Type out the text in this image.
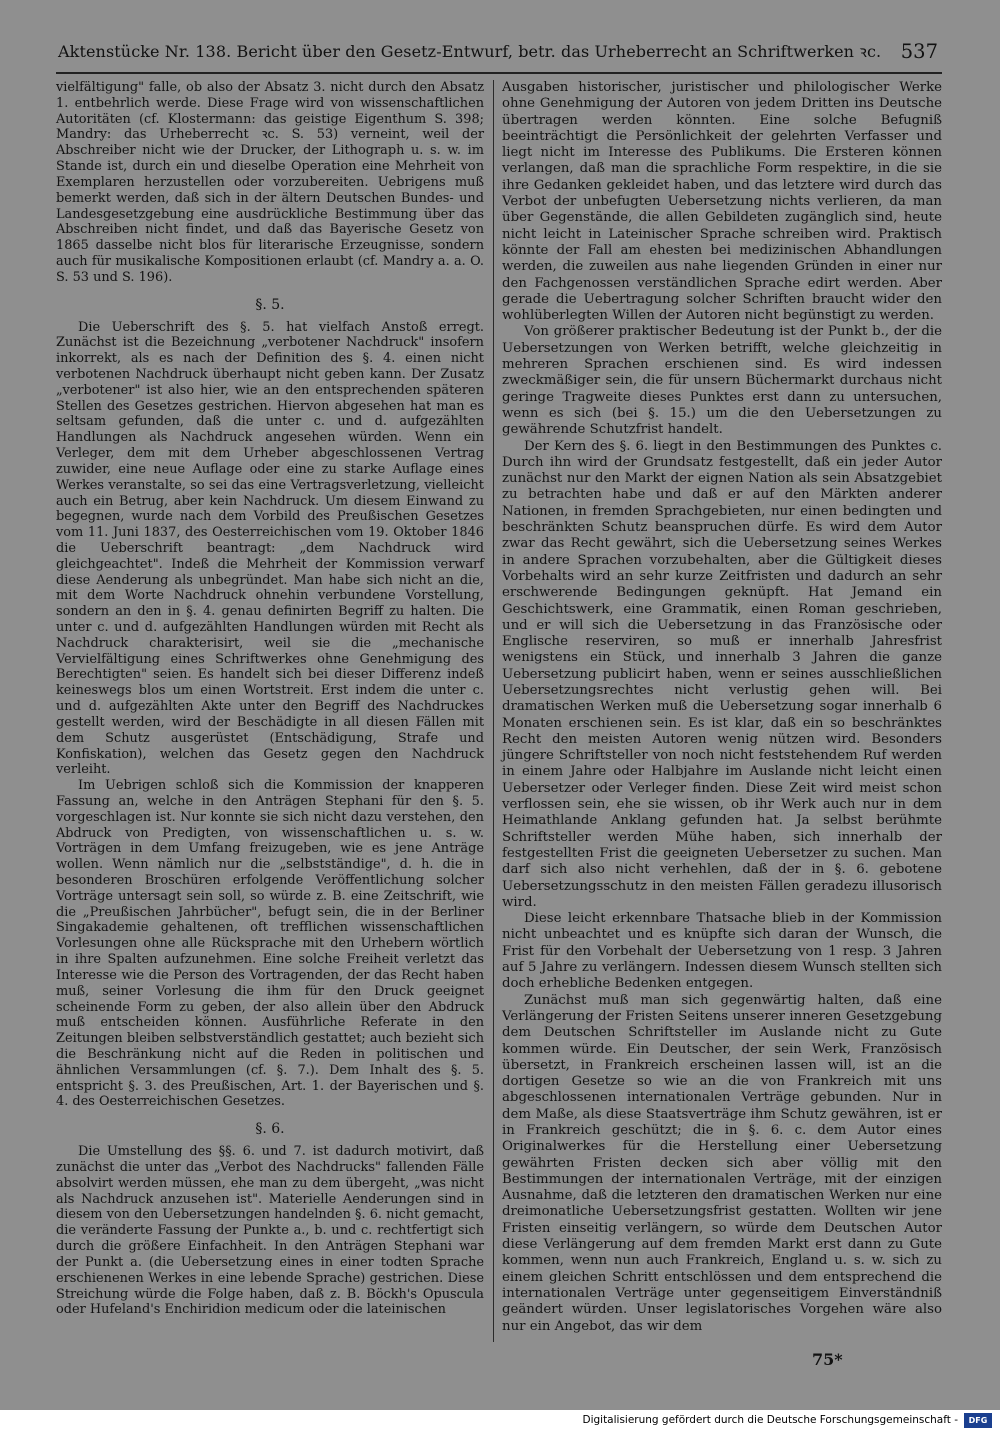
Aktenstücke Nr. 138. Bericht über den Gesetz-Entwurf, betr. das Urheberrecht an Schriftwerken ꝛc. 537

vielfältigung" falle, ob also der Absatz 3. nicht durch den Absatz 1. entbehrlich werde. Diese Frage wird von wissenschaftlichen Autoritäten (cf. Klostermann: das geistige Eigenthum S. 398; Mandry: das Urheberrecht ꝛc. S. 53) verneint, weil der Abschreiber nicht wie der Drucker, der Lithograph u. s. w. im Stande ist, durch ein und dieselbe Operation eine Mehrheit von Exemplaren herzustellen oder vorzubereiten. Uebrigens muß bemerkt werden, daß sich in der ältern Deutschen Bundes- und Landesgesetzgebung eine ausdrückliche Bestimmung über das Abschreiben nicht findet, und daß das Bayerische Gesetz von 1865 dasselbe nicht blos für literarische Erzeugnisse, sondern auch für musikalische Kompositionen erlaubt (cf. Mandry a. a. O. S. 53 und S. 196).

§. 5.

Die Ueberschrift des §. 5. hat vielfach Anstoß erregt. Zunächst ist die Bezeichnung „verbotener Nachdruck" insofern inkorrekt, als es nach der Definition des §. 4. einen nicht verbotenen Nachdruck überhaupt nicht geben kann. Der Zusatz „verbotener" ist also hier, wie an den entsprechenden späteren Stellen des Gesetzes gestrichen. Hiervon abgesehen hat man es seltsam gefunden, daß die unter c. und d. aufgezählten Handlungen als Nachdruck angesehen würden. Wenn ein Verleger, dem mit dem Urheber abgeschlossenen Vertrag zuwider, eine neue Auflage oder eine zu starke Auflage eines Werkes veranstalte, so sei das eine Vertragsverletzung, vielleicht auch ein Betrug, aber kein Nachdruck. Um diesem Einwand zu begegnen, wurde nach dem Vorbild des Preußischen Gesetzes vom 11. Juni 1837, des Oesterreichischen vom 19. Oktober 1846 die Ueberschrift beantragt: „dem Nachdruck wird gleichgeachtet". Indeß die Mehrheit der Kommission verwarf diese Aenderung als unbegründet. Man habe sich nicht an die, mit dem Worte Nachdruck ohnehin verbundene Vorstellung, sondern an den in §. 4. genau definirten Begriff zu halten. Die unter c. und d. aufgezählten Handlungen würden mit Recht als Nachdruck charakterisirt, weil sie die „mechanische Vervielfältigung eines Schriftwerkes ohne Genehmigung des Berechtigten" seien. Es handelt sich bei dieser Differenz indeß keineswegs blos um einen Wortstreit. Erst indem die unter c. und d. aufgezählten Akte unter den Begriff des Nachdruckes gestellt werden, wird der Beschädigte in all diesen Fällen mit dem Schutz ausgerüstet (Entschädigung, Strafe und Konfiskation), welchen das Gesetz gegen den Nachdruck verleiht.

Im Uebrigen schloß sich die Kommission der knapperen Fassung an, welche in den Anträgen Stephani für den §. 5. vorgeschlagen ist. Nur konnte sie sich nicht dazu verstehen, den Abdruck von Predigten, von wissenschaftlichen u. s. w. Vorträgen in dem Umfang freizugeben, wie es jene Anträge wollen. Wenn nämlich nur die „selbstständige", d. h. die in besonderen Broschüren erfolgende Veröffentlichung solcher Vorträge untersagt sein soll, so würde z. B. eine Zeitschrift, wie die „Preußischen Jahrbücher", befugt sein, die in der Berliner Singakademie gehaltenen, oft trefflichen wissenschaftlichen Vorlesungen ohne alle Rücksprache mit den Urhebern wörtlich in ihre Spalten aufzunehmen. Eine solche Freiheit verletzt das Interesse wie die Person des Vortragenden, der das Recht haben muß, seiner Vorlesung die ihm für den Druck geeignet scheinende Form zu geben, der also allein über den Abdruck muß entscheiden können. Ausführliche Referate in den Zeitungen bleiben selbstverständlich gestattet; auch bezieht sich die Beschränkung nicht auf die Reden in politischen und ähnlichen Versammlungen (cf. §. 7.). Dem Inhalt des §. 5. entspricht §. 3. des Preußischen, Art. 1. der Bayerischen und §. 4. des Oesterreichischen Gesetzes.

§. 6.

Die Umstellung des §§. 6. und 7. ist dadurch motivirt, daß zunächst die unter das „Verbot des Nachdrucks" fallenden Fälle absolvirt werden müssen, ehe man zu dem übergeht, „was nicht als Nachdruck anzusehen ist". Materielle Aenderungen sind in diesem von den Uebersetzungen handelnden §. 6. nicht gemacht, die veränderte Fassung der Punkte a., b. und c. rechtfertigt sich durch die größere Einfachheit. In den Anträgen Stephani war der Punkt a. (die Uebersetzung eines in einer todten Sprache erschienenen Werkes in eine lebende Sprache) gestrichen. Diese Streichung würde die Folge haben, daß z. B. Böckh's Opuscula oder Hufeland's Enchiridion medicum oder die lateinischen

Ausgaben historischer, juristischer und philologischer Werke ohne Genehmigung der Autoren von jedem Dritten ins Deutsche übertragen werden könnten. Eine solche Befugniß beeinträchtigt die Persönlichkeit der gelehrten Verfasser und liegt nicht im Interesse des Publikums. Die Ersteren können verlangen, daß man die sprachliche Form respektire, in die sie ihre Gedanken gekleidet haben, und das letztere wird durch das Verbot der unbefugten Uebersetzung nichts verlieren, da man über Gegenstände, die allen Gebildeten zugänglich sind, heute nicht leicht in Lateinischer Sprache schreiben wird. Praktisch könnte der Fall am ehesten bei medizinischen Abhandlungen werden, die zuweilen aus nahe liegenden Gründen in einer nur den Fachgenossen verständlichen Sprache edirt werden. Aber gerade die Uebertragung solcher Schriften braucht wider den wohlüberlegten Willen der Autoren nicht begünstigt zu werden.

Von größerer praktischer Bedeutung ist der Punkt b., der die Uebersetzungen von Werken betrifft, welche gleichzeitig in mehreren Sprachen erschienen sind. Es wird indessen zweckmäßiger sein, die für unsern Büchermarkt durchaus nicht geringe Tragweite dieses Punktes erst dann zu untersuchen, wenn es sich (bei §. 15.) um die den Uebersetzungen zu gewährende Schutzfrist handelt.

Der Kern des §. 6. liegt in den Bestimmungen des Punktes c. Durch ihn wird der Grundsatz festgestellt, daß ein jeder Autor zunächst nur den Markt der eignen Nation als sein Absatzgebiet zu betrachten habe und daß er auf den Märkten anderer Nationen, in fremden Sprachgebieten, nur einen bedingten und beschränkten Schutz beanspruchen dürfe. Es wird dem Autor zwar das Recht gewährt, sich die Uebersetzung seines Werkes in andere Sprachen vorzubehalten, aber die Gültigkeit dieses Vorbehalts wird an sehr kurze Zeitfristen und dadurch an sehr erschwerende Bedingungen geknüpft. Hat Jemand ein Geschichtswerk, eine Grammatik, einen Roman geschrieben, und er will sich die Uebersetzung in das Französische oder Englische reserviren, so muß er innerhalb Jahresfrist wenigstens ein Stück, und innerhalb 3 Jahren die ganze Uebersetzung publicirt haben, wenn er seines ausschließlichen Uebersetzungsrechtes nicht verlustig gehen will. Bei dramatischen Werken muß die Uebersetzung sogar innerhalb 6 Monaten erschienen sein. Es ist klar, daß ein so beschränktes Recht den meisten Autoren wenig nützen wird. Besonders jüngere Schriftsteller von noch nicht feststehendem Ruf werden in einem Jahre oder Halbjahre im Auslande nicht leicht einen Uebersetzer oder Verleger finden. Diese Zeit wird meist schon verflossen sein, ehe sie wissen, ob ihr Werk auch nur in dem Heimathlande Anklang gefunden hat. Ja selbst berühmte Schriftsteller werden Mühe haben, sich innerhalb der festgestellten Frist die geeigneten Uebersetzer zu suchen. Man darf sich also nicht verhehlen, daß der in §. 6. gebotene Uebersetzungsschutz in den meisten Fällen geradezu illusorisch wird.

Diese leicht erkennbare Thatsache blieb in der Kommission nicht unbeachtet und es knüpfte sich daran der Wunsch, die Frist für den Vorbehalt der Uebersetzung von 1 resp. 3 Jahren auf 5 Jahre zu verlängern. Indessen diesem Wunsch stellten sich doch erhebliche Bedenken entgegen.

Zunächst muß man sich gegenwärtig halten, daß eine Verlängerung der Fristen Seitens unserer inneren Gesetzgebung dem Deutschen Schriftsteller im Auslande nicht zu Gute kommen würde. Ein Deutscher, der sein Werk, Französisch übersetzt, in Frankreich erscheinen lassen will, ist an die dortigen Gesetze so wie an die von Frankreich mit uns abgeschlossenen internationalen Verträge gebunden. Nur in dem Maße, als diese Staatsverträge ihm Schutz gewähren, ist er in Frankreich geschützt; die in §. 6. c. dem Autor eines Originalwerkes für die Herstellung einer Uebersetzung gewährten Fristen decken sich aber völlig mit den Bestimmungen der internationalen Verträge, mit der einzigen Ausnahme, daß die letzteren den dramatischen Werken nur eine dreimonatliche Uebersetzungsfrist gestatten. Wollten wir jene Fristen einseitig verlängern, so würde dem Deutschen Autor diese Verlängerung auf dem fremden Markt erst dann zu Gute kommen, wenn nun auch Frankreich, England u. s. w. sich zu einem gleichen Schritt entschlössen und dem entsprechend die internationalen Verträge unter gegenseitigem Einverständniß geändert würden. Unser legislatorisches Vorgehen wäre also nur ein Angebot, das wir dem

75*
Digitalisierung gefördert durch die Deutsche Forschungsgemeinschaft -	DFG
